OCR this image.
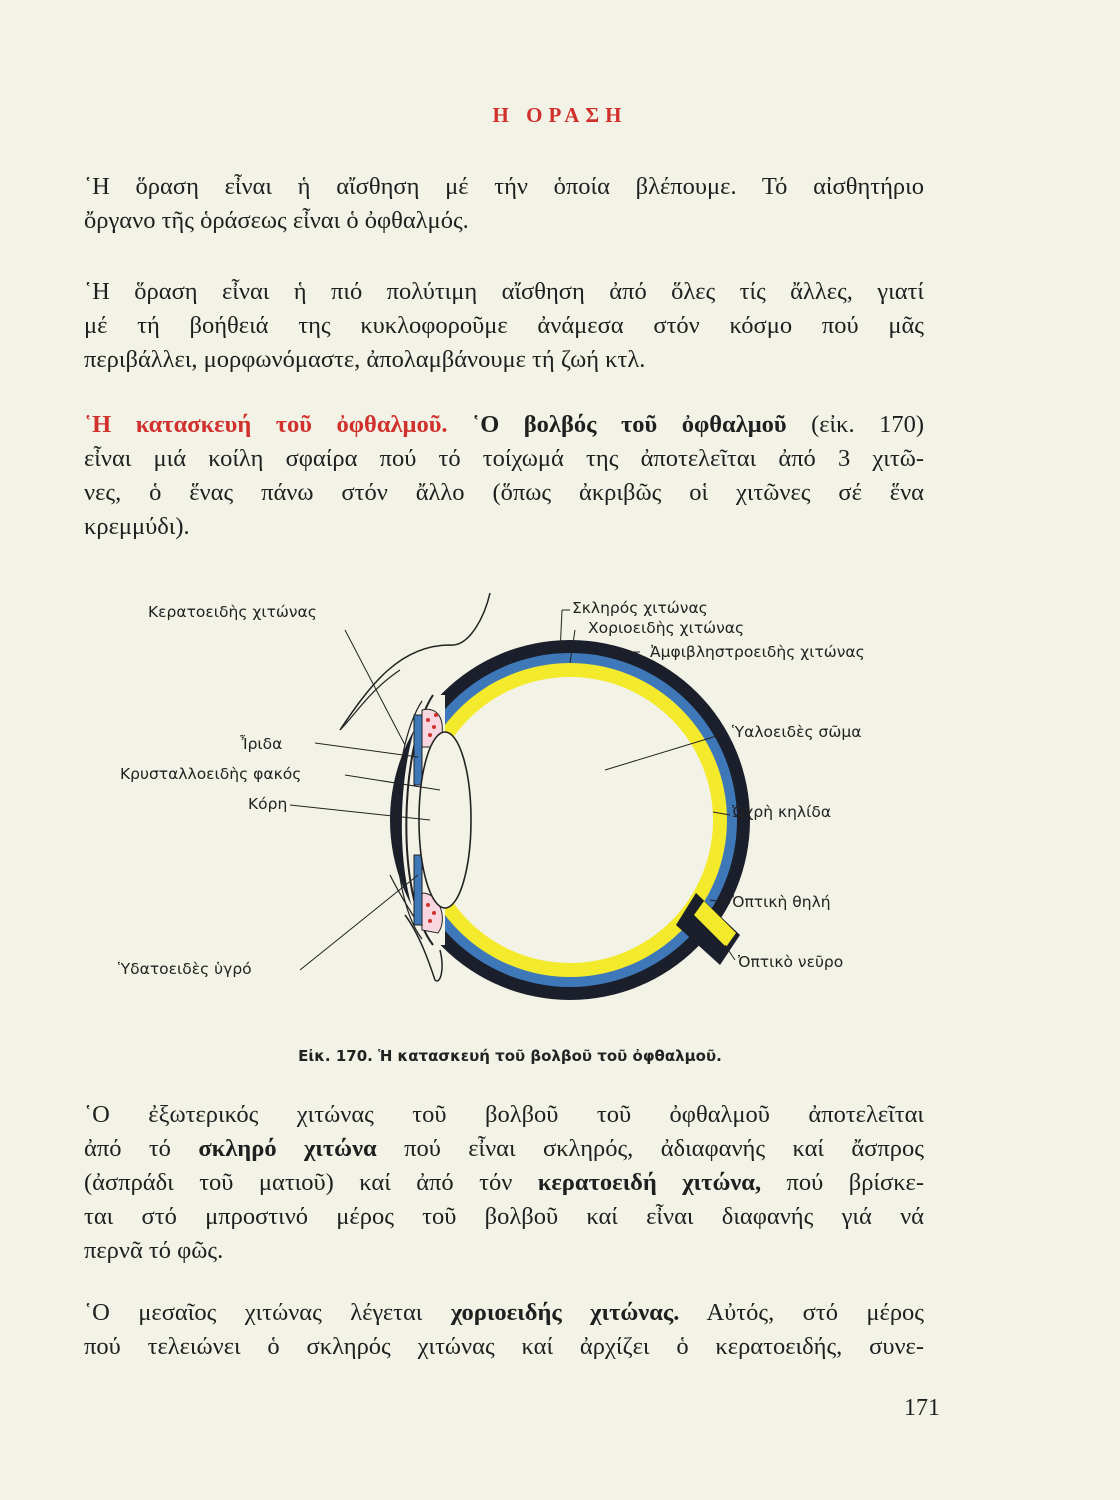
Η ΟΡΑΣΗ
῾Η ὅραση εἶναι ἡ αἴσθηση μέ τήν ὁποία βλέπουμε. Τό αἰσθητήριο
ὄργανο τῆς ὁράσεως εἶναι ὁ ὀφθαλμός.
῾Η ὅραση εἶναι ἡ πιό πολύτιμη αἴσθηση ἀπό ὅλες τίς ἄλλες, γιατί
μέ τή βοήθειά της κυκλοφοροῦμε ἀνάμεσα στόν κόσμο πού μᾶς
περιβάλλει, μορφωνόμαστε, ἀπολαμβάνουμε τή ζωή κτλ.
῾Η κατασκευή τοῦ ὀφθαλμοῦ. ῾Ο βολβός τοῦ ὀφθαλμοῦ (εἰκ. 170)
εἶναι μιά κοίλη σφαίρα πού τό τοίχωμά της ἀποτελεῖται ἀπό 3 χιτῶ-
νες, ὁ ἕνας πάνω στόν ἄλλο (ὅπως ἀκριβῶς οἱ χιτῶνες σέ ἕνα
κρεμμύδι).
Κερατοειδὴς χιτώνας
Ἶριδα
Κρυσταλλοειδὴς φακός
Κόρη
Ὑδατοειδὲς ὑγρό
Σκληρός χιτώνας
Χοριοειδὴς χιτώνας
Ἀμφιβληστροειδὴς χιτώνας
Ὑαλοειδὲς σῶμα
Ὠχρὴ κηλίδα
Ὀπτικὴ θηλή
Ὀπτικὸ νεῦρο
Εἰκ. 170. Ἡ κατασκευή τοῦ βολβοῦ τοῦ ὀφθαλμοῦ.
῾Ο ἐξωτερικός χιτώνας τοῦ βολβοῦ τοῦ ὀφθαλμοῦ ἀποτελεῖται
ἀπό τό σκληρό χιτώνα πού εἶναι σκληρός, ἀδιαφανής καί ἄσπρος
(ἀσπράδι τοῦ ματιοῦ) καί ἀπό τόν κερατοειδή χιτώνα, πού βρίσκε-
ται στό μπροστινό μέρος τοῦ βολβοῦ καί εἶναι διαφανής γιά νά
περνᾶ τό φῶς.
῾Ο μεσαῖος χιτώνας λέγεται χοριοειδής χιτώνας. Αὐτός, στό μέρος
πού τελειώνει ὁ σκληρός χιτώνας καί ἀρχίζει ὁ κερατοειδής, συνε-
171
